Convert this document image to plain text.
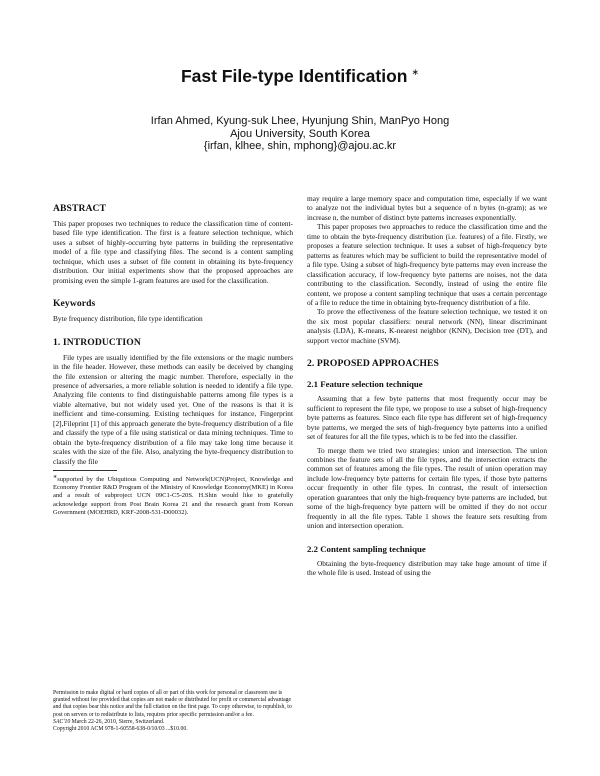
Fast File-type Identification ∗
Irfan Ahmed, Kyung-suk Lhee, Hyunjung Shin, ManPyo Hong
Ajou University, South Korea
{irfan, klhee, shin, mphong}@ajou.ac.kr
ABSTRACT

This paper proposes two techniques to reduce the classification time of content-based file type identification. The first is a feature selection technique, which uses a subset of highly-occurring byte patterns in building the representative model of a file type and classifying files. The second is a content sampling technique, which uses a subset of file content in obtaining its byte-frequency distribution. Our initial experiments show that the proposed approaches are promising even the simple 1-gram features are used for the classification.

Keywords

Byte frequency distribution, file type identification

1. INTRODUCTION

File types are usually identified by the file extensions or the magic numbers in the file header. However, these methods can easily be deceived by changing the file extension or altering the magic number. Therefore, especially in the presence of adversaries, a more reliable solution is needed to identify a file type. Analyzing file contents to find distinguishable patterns among file types is a viable alternative, but not widely used yet. One of the reasons is that it is inefficient and time-consuming. Existing techniques for instance, Fingerprint [2],Fileprint [1] of this approach generate the byte-frequency distribution of a file and classify the type of a file using statistical or data mining techniques. Time to obtain the byte-frequency distribution of a file may take long time because it scales with the size of the file. Also, analyzing the byte-frequency distribution to classify the file

∗supported by the Ubiquitous Computing and Network(UCN)Project, Knowledge and Economy Frontier R&D Program of the Ministry of Knowledge Economy(MKE) in Korea and a result of subproject UCN 09C1-C5-20S. H.Shin would like to gratefully acknowledge support from Post Brain Korea 21 and the research grant from Korean Government (MOEHRD, KRF-2008-531-D00032).

Permission to make digital or hard copies of all or part of this work for personal or classroom use is granted without fee provided that copies are not made or distributed for profit or commercial advantage and that copies bear this notice and the full citation on the first page. To copy otherwise, to republish, to post on servers or to redistribute to lists, requires prior specific permission and/or a fee.

SAC'10 March 22-26, 2010, Sierre, Switzerland.

Copyright 2010 ACM 978-1-60558-638-0/10/03 ...$10.00.

may require a large memory space and computation time, especially if we want to analyze not the individual bytes but a sequence of n bytes (n-gram); as we increase n, the number of distinct byte patterns increases exponentially.

This paper proposes two approaches to reduce the classification time and the time to obtain the byte-frequency distribution (i.e. features) of a file. Firstly, we proposes a feature selection technique. It uses a subset of high-frequency byte patterns as features which may be sufficient to build the representative model of a file type. Using a subset of high-frequency byte patterns may even increase the classification accuracy, if low-frequency byte patterns are noises, not the data contributing to the classification. Secondly, instead of using the entire file content, we propose a content sampling technique that uses a certain percentage of a file to reduce the time in obtaining byte-frequency distribution of a file.

To prove the effectiveness of the feature selection technique, we tested it on the six most popular classifiers: neural network (NN), linear discriminant analysis (LDA), K-means, K-nearest neighbor (KNN), Decision tree (DT), and support vector machine (SVM).

2. PROPOSED APPROACHES
2.1 Feature selection technique

Assuming that a few byte patterns that most frequently occur may be sufficient to represent the file type, we propose to use a subset of high-frequency byte patterns as features. Since each file type has different set of high-frequency byte patterns, we merged the sets of high-frequency byte patterns into a unified set of features for all the file types, which is to be fed into the classifier.

To merge them we tried two strategies: union and intersection. The union combines the feature sets of all the file types, and the intersection extracts the common set of features among the file types. The result of union operation may include low-frequency byte patterns for certain file types, if those byte patterns occur frequently in other file types. In contrast, the result of intersection operation guarantees that only the high-frequency byte patterns are included, but some of the high-frequency byte pattern will be omitted if they do not occur frequently in all the file types. Table 1 shows the feature sets resulting from union and intersection operation.

2.2 Content sampling technique

Obtaining the byte-frequency distribution may take huge amount of time if the whole file is used. Instead of using the
